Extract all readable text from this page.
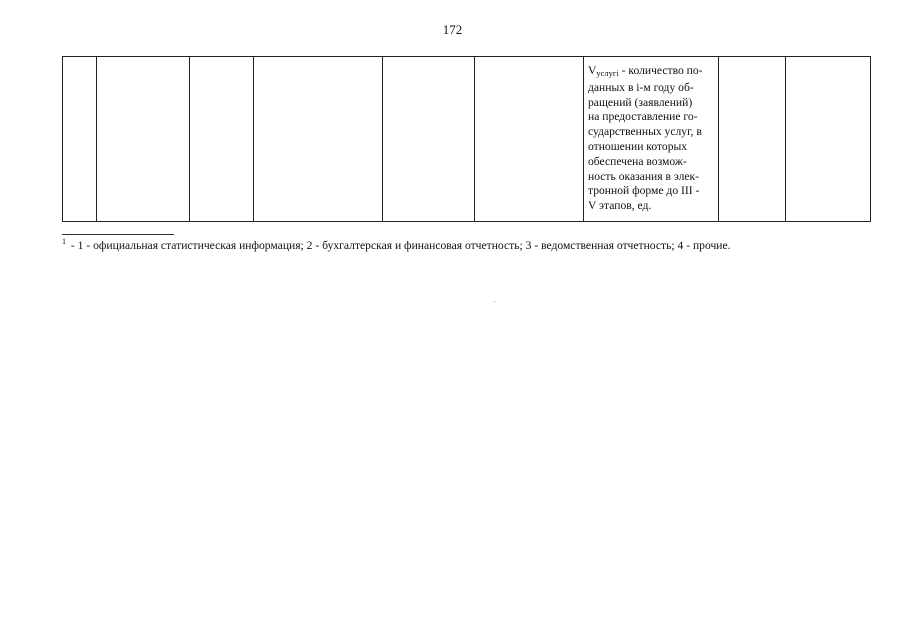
172
						$V_{услугi}$ - количество по-
данных в i-м году об-
ращений (заявлений)
на предоставление го-
сударственных услуг, в
отношении которых
обеспечена возмож-
ность оказания в элек-
тронной форме до III -
V этапов, ед.		
$^1$ - 1 - официальная статистическая информация; 2 - бухгалтерская и финансовая отчетность; 3 - ведомственная отчетность; 4 - прочие.
